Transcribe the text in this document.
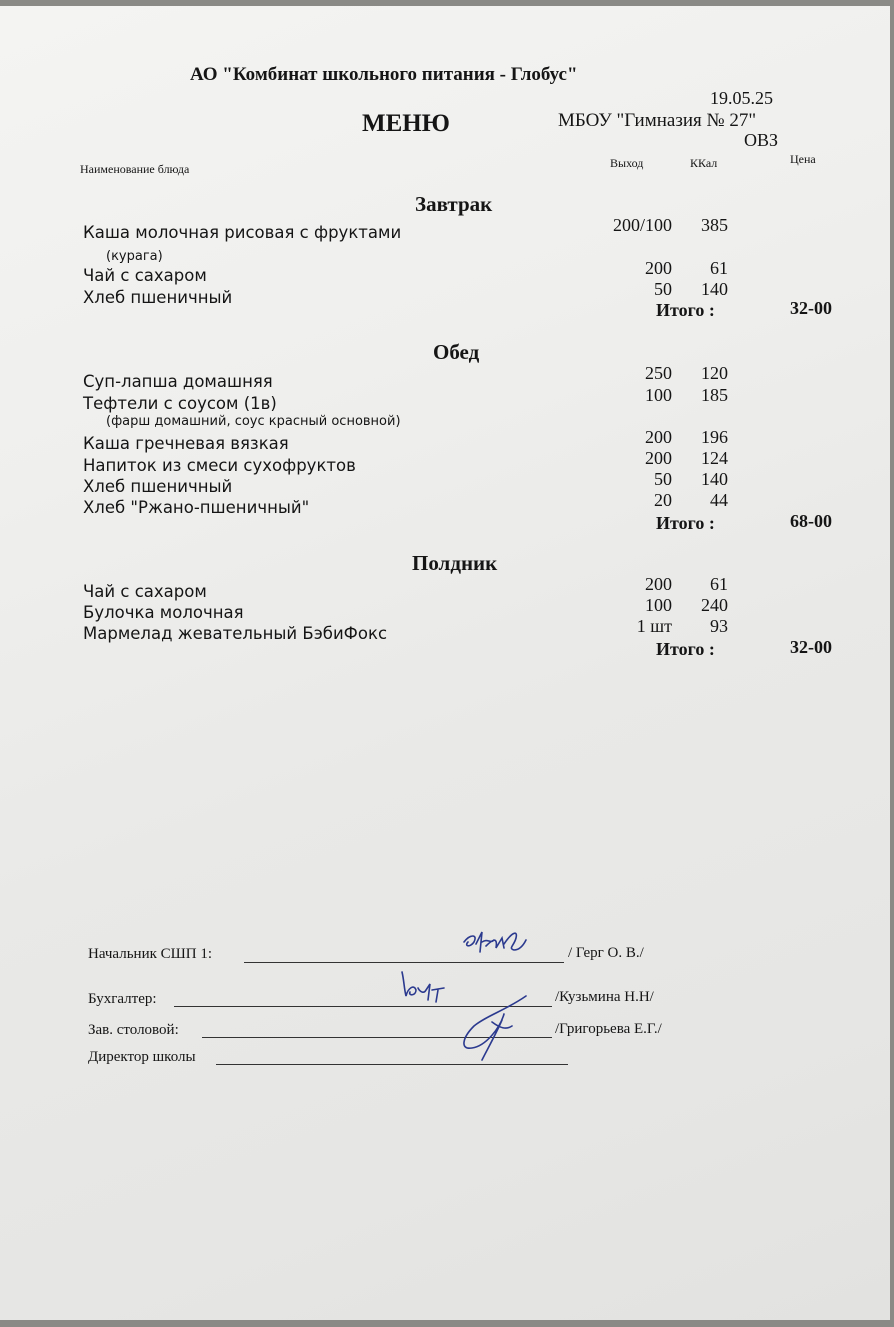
АО "Комбинат школьного питания - Глобус"
19.05.25
МЕНЮ	МБОУ "Гимназия № 27"
ОВЗ
Наименование блюда	Выход	ККал	Цена
Завтрак
Каша молочная рисовая с фруктами	200/100	385
(курага)
Чай с сахаром	200	61
Хлеб пшеничный	50	140
Итого :	32-00
Обед
Суп-лапша домашняя	250	120
Тефтели с соусом (1в)	100	185
(фарш домашний, соус красный основной)
Каша гречневая вязкая	200	196
Напиток из смеси сухофруктов	200	124
Хлеб пшеничный	50	140
Хлеб "Ржано-пшеничный"	20	44
Итого :	68-00
Полдник
Чай с сахаром	200	61
Булочка молочная	100	240
Мармелад жевательный БэбиФокс	1 шт	93
Итого :	32-00
Начальник СШП 1:	/ Герг О. В./
Бухгалтер:	/Кузьмина Н.Н/
Зав. столовой:	/Григорьева Е.Г./
Директор школы
